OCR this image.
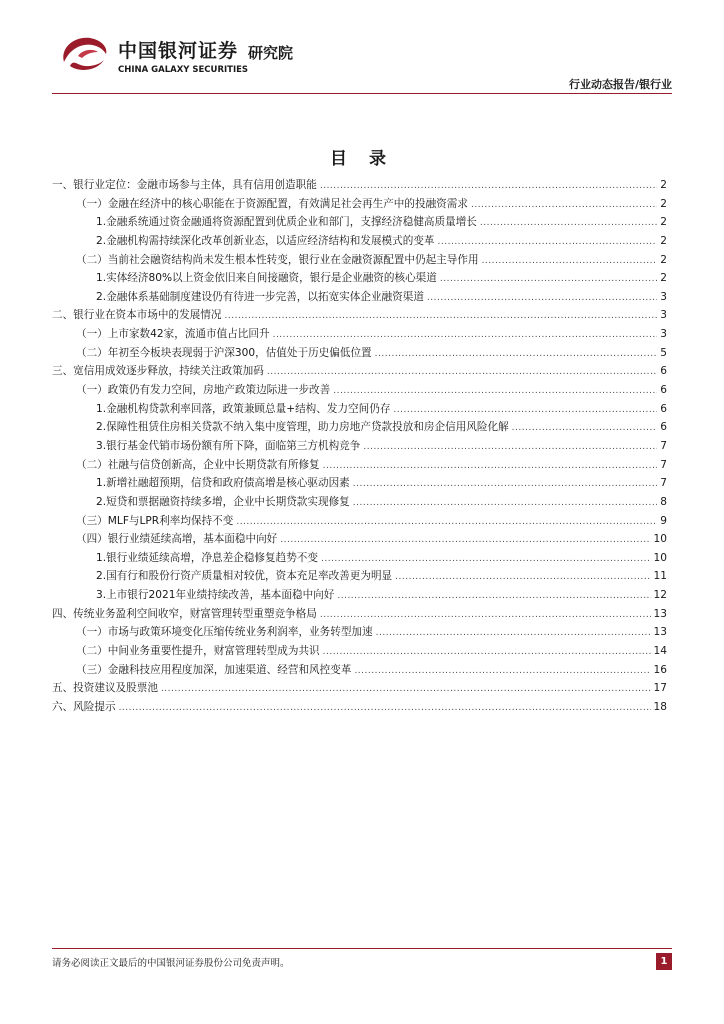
中国银河证券
CHINA GALAXY SECURITIES
研究院
行业动态报告/银行业
目 录
一、银行业定位：金融市场参与主体，具有信用创造职能 .....	2
（一）金融在经济中的核心职能在于资源配置，有效满足社会再生产中的投融资需求 .....	2
1.金融系统通过资金融通将资源配置到优质企业和部门，支撑经济稳健高质量增长 .....	2
2.金融机构需持续深化改革创新业态，以适应经济结构和发展模式的变革 .....	2
（二）当前社会融资结构尚未发生根本性转变，银行业在金融资源配置中仍起主导作用 .....	2
1.实体经济80%以上资金依旧来自间接融资，银行是企业融资的核心渠道 .....	2
2.金融体系基础制度建设仍有待进一步完善，以拓宽实体企业融资渠道 .....	3
二、银行业在资本市场中的发展情况 .....	3
（一）上市家数42家，流通市值占比回升 .....	3
（二）年初至今板块表现弱于沪深300，估值处于历史偏低位置 .....	5
三、宽信用成效逐步释放，持续关注政策加码 .....	6
（一）政策仍有发力空间，房地产政策边际进一步改善 .....	6
1.金融机构贷款利率回落，政策兼顾总量+结构、发力空间仍存 .....	6
2.保障性租赁住房相关贷款不纳入集中度管理，助力房地产贷款投放和房企信用风险化解 .....	6
3.银行基金代销市场份额有所下降，面临第三方机构竞争 .....	7
（二）社融与信贷创新高，企业中长期贷款有所修复 .....	7
1.新增社融超预期，信贷和政府债高增是核心驱动因素 .....	7
2.短贷和票据融资持续多增，企业中长期贷款实现修复 .....	8
（三）MLF与LPR利率均保持不变 .....	9
（四）银行业绩延续高增，基本面稳中向好 .....	10
1.银行业绩延续高增，净息差企稳修复趋势不变 .....	10
2.国有行和股份行资产质量相对较优，资本充足率改善更为明显 .....	11
3.上市银行2021年业绩持续改善，基本面稳中向好 .....	12
四、传统业务盈利空间收窄，财富管理转型重塑竞争格局 .....	13
（一）市场与政策环境变化压缩传统业务利润率，业务转型加速 .....	13
（二）中间业务重要性提升，财富管理转型成为共识 .....	14
（三）金融科技应用程度加深，加速渠道、经营和风控变革 .....	16
五、投资建议及股票池 .....	17
六、风险提示 .....	18
请务必阅读正文最后的中国银河证券股份公司免责声明。	1
